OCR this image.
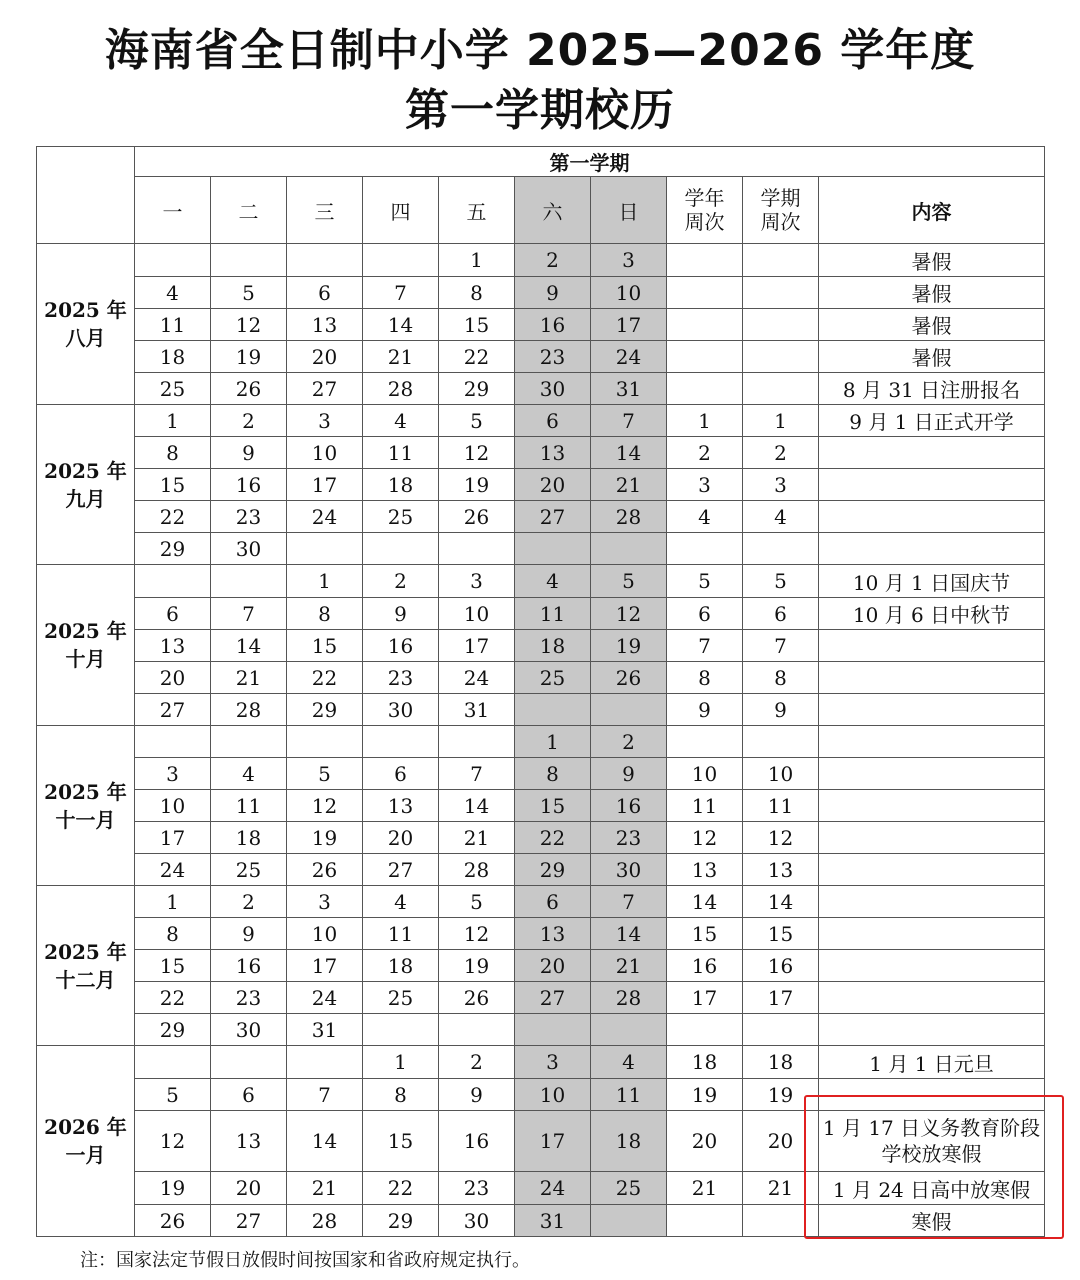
海南省全日制中小学 2025—2026 学年度
第一学期校历
	第一学期									
	一	二	三	四	五	六	日	学年
周次	学期
周次	内容
2025 年
八月					1	2	3			暑假
	4	5	6	7	8	9	10			暑假
	11	12	13	14	15	16	17			暑假
	18	19	20	21	22	23	24			暑假
	25	26	27	28	29	30	31			8 月 31 日注册报名
2025 年
九月	1	2	3	4	5	6	7	1	1	9 月 1 日正式开学
	8	9	10	11	12	13	14	2	2	
	15	16	17	18	19	20	21	3	3	
	22	23	24	25	26	27	28	4	4	
	29	30								
2025 年
十月			1	2	3	4	5	5	5	10 月 1 日国庆节
	6	7	8	9	10	11	12	6	6	10 月 6 日中秋节
	13	14	15	16	17	18	19	7	7	
	20	21	22	23	24	25	26	8	8	
	27	28	29	30	31			9	9	
2025 年
十一月						1	2			
	3	4	5	6	7	8	9	10	10	
	10	11	12	13	14	15	16	11	11	
	17	18	19	20	21	22	23	12	12	
	24	25	26	27	28	29	30	13	13	
2025 年
十二月	1	2	3	4	5	6	7	14	14	
	8	9	10	11	12	13	14	15	15	
	15	16	17	18	19	20	21	16	16	
	22	23	24	25	26	27	28	17	17	
	29	30	31							
2026 年
一月				1	2	3	4	18	18	1 月 1 日元旦
	5	6	7	8	9	10	11	19	19	
	12	13	14	15	16	17	18	20	20	1 月 17 日义务教育阶段
学校放寒假
	19	20	21	22	23	24	25	21	21	1 月 24 日高中放寒假
	26	27	28	29	30	31				寒假
注：国家法定节假日放假时间按国家和省政府规定执行。
